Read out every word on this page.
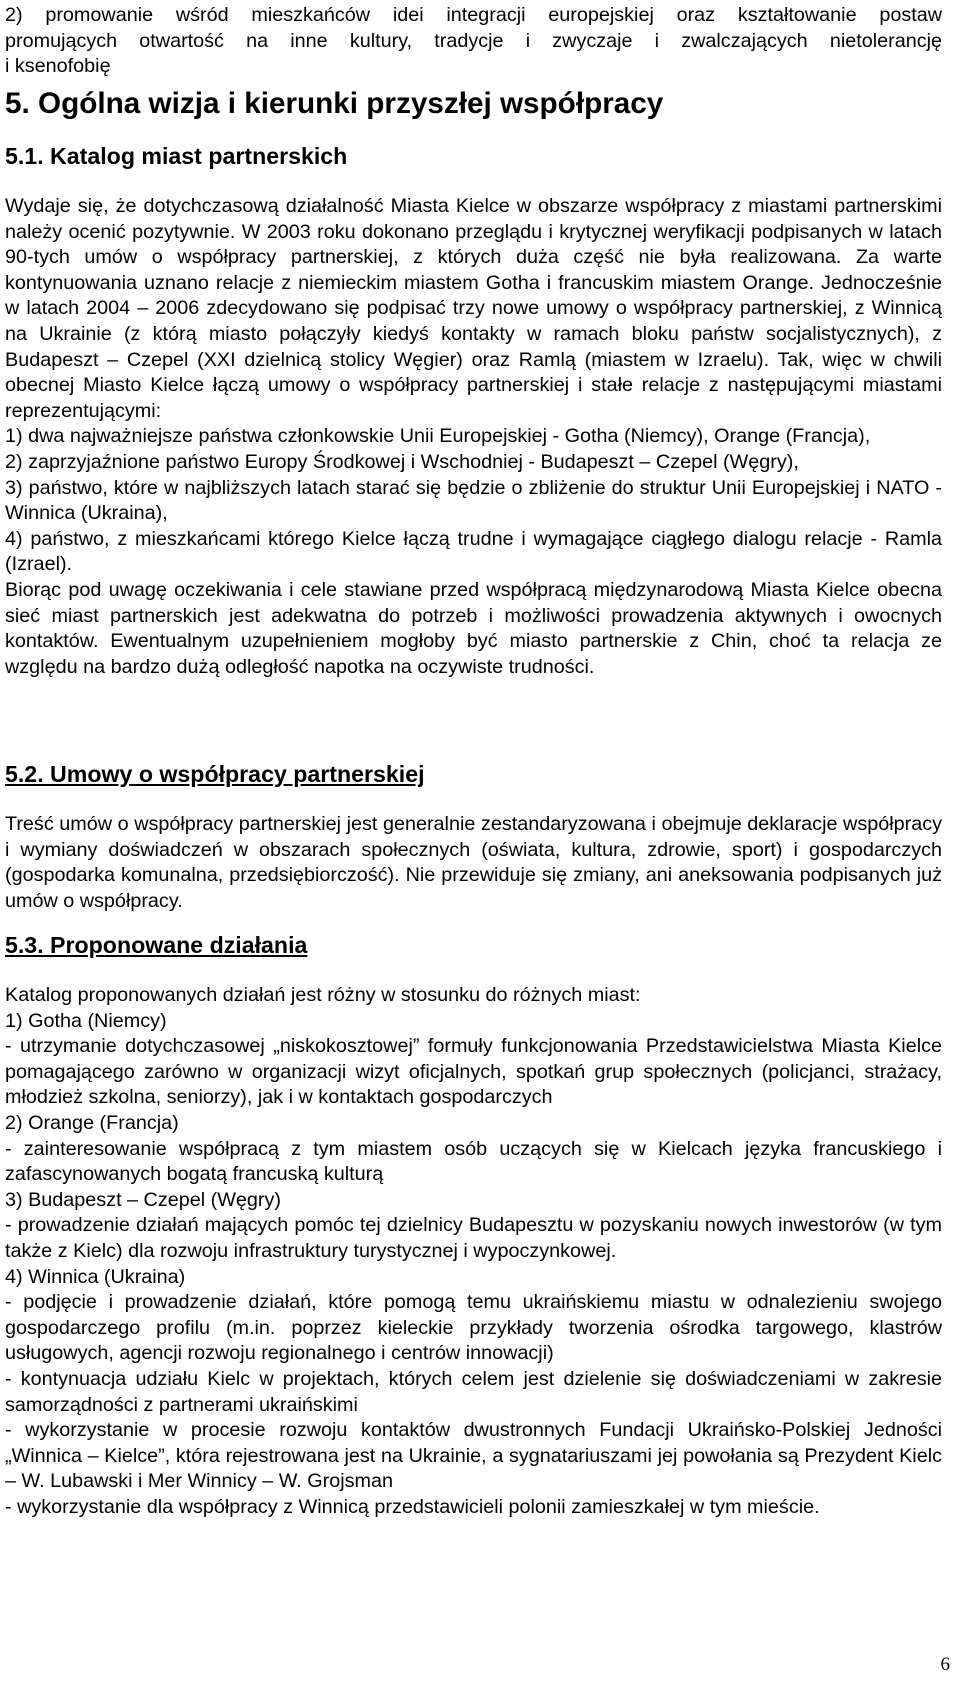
2) promowanie wśród mieszkańców idei integracji europejskiej oraz kształtowanie postaw

promujących otwartość na inne kultury, tradycje i zwyczaje i zwalczających nietolerancję

i ksenofobię

5. Ogólna wizja i kierunki przyszłej współpracy
5.1. Katalog miast partnerskich

Wydaje się, że dotychczasową działalność Miasta Kielce w obszarze współpracy z miastami partnerskimi należy ocenić pozytywnie. W 2003 roku dokonano przeglądu i krytycznej weryfikacji podpisanych w latach 90-tych umów o współpracy partnerskiej, z których duża część nie była realizowana. Za warte kontynuowania uznano relacje z niemieckim miastem Gotha i francuskim miastem Orange. Jednocześnie w latach 2004 – 2006 zdecydowano się podpisać trzy nowe umowy o współpracy partnerskiej, z Winnicą na Ukrainie (z którą miasto połączyły kiedyś kontakty w ramach bloku państw socjalistycznych), z Budapeszt – Czepel (XXI dzielnicą stolicy Węgier) oraz Ramlą (miastem w Izraelu). Tak, więc w chwili obecnej Miasto Kielce łączą umowy o współpracy partnerskiej i stałe relacje z następującymi miastami reprezentującymi:

1) dwa najważniejsze państwa członkowskie Unii Europejskiej - Gotha (Niemcy), Orange (Francja),

2) zaprzyjaźnione państwo Europy Środkowej i Wschodniej - Budapeszt – Czepel (Węgry),

3) państwo, które w najbliższych latach starać się będzie o zbliżenie do struktur Unii Europejskiej i NATO - Winnica (Ukraina),

4) państwo, z mieszkańcami którego Kielce łączą trudne i wymagające ciągłego dialogu relacje - Ramla (Izrael).

Biorąc pod uwagę oczekiwania i cele stawiane przed współpracą międzynarodową Miasta Kielce obecna sieć miast partnerskich jest adekwatna do potrzeb i możliwości prowadzenia aktywnych i owocnych kontaktów. Ewentualnym uzupełnieniem mogłoby być miasto partnerskie z Chin, choć ta relacja ze względu na bardzo dużą odległość napotka na oczywiste trudności.

5.2. Umowy o współpracy partnerskiej

Treść umów o współpracy partnerskiej jest generalnie zestandaryzowana i obejmuje deklaracje współpracy i wymiany doświadczeń w obszarach społecznych (oświata, kultura, zdrowie, sport) i gospodarczych (gospodarka komunalna, przedsiębiorczość). Nie przewiduje się zmiany, ani aneksowania podpisanych już umów o współpracy.

5.3. Proponowane działania

Katalog proponowanych działań jest różny w stosunku do różnych miast:

1) Gotha (Niemcy)

- utrzymanie dotychczasowej „niskokosztowej” formuły funkcjonowania Przedstawicielstwa Miasta Kielce pomagającego zarówno w organizacji wizyt oficjalnych, spotkań grup społecznych (policjanci, strażacy, młodzież szkolna, seniorzy), jak i w kontaktach gospodarczych

2) Orange (Francja)

- zainteresowanie współpracą z tym miastem osób uczących się w Kielcach języka francuskiego i zafascynowanych bogatą francuską kulturą

3) Budapeszt – Czepel (Węgry)

- prowadzenie działań mających pomóc tej dzielnicy Budapesztu w pozyskaniu nowych inwestorów (w tym także z Kielc) dla rozwoju infrastruktury turystycznej i wypoczynkowej.

4) Winnica (Ukraina)

- podjęcie i prowadzenie działań, które pomogą temu ukraińskiemu miastu w odnalezieniu swojego gospodarczego profilu (m.in. poprzez kieleckie przykłady tworzenia ośrodka targowego, klastrów usługowych, agencji rozwoju regionalnego i centrów innowacji)

- kontynuacja udziału Kielc w projektach, których celem jest dzielenie się doświadczeniami w zakresie samorządności z partnerami ukraińskimi

- wykorzystanie w procesie rozwoju kontaktów dwustronnych Fundacji Ukraińsko-Polskiej Jedności „Winnica – Kielce”, która rejestrowana jest na Ukrainie, a sygnatariuszami jej powołania są Prezydent Kielc – W. Lubawski i Mer Winnicy – W. Grojsman

- wykorzystanie dla współpracy z Winnicą przedstawicieli polonii zamieszkałej w tym mieście.

6
